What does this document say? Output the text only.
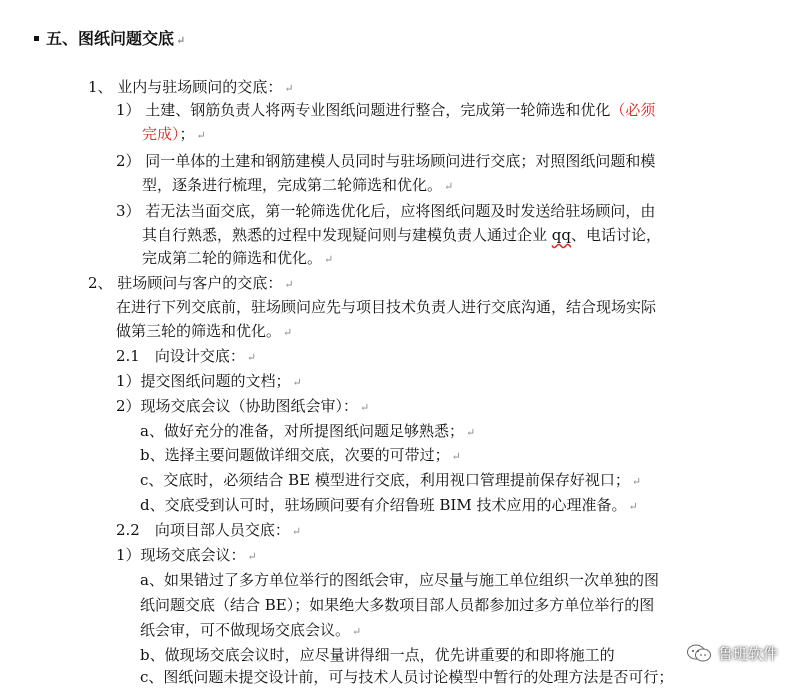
五、图纸问题交底 ↵
1、 业内与驻场顾问的交底： ↵
1） 土建、钢筋负责人将两专业图纸问题进行整合，完成第一轮筛选和优化（必须
完成）； ↵
2） 同一单体的土建和钢筋建模人员同时与驻场顾问进行交底；对照图纸问题和模
型，逐条进行梳理，完成第二轮筛选和优化。 ↵
3） 若无法当面交底，第一轮筛选优化后，应将图纸问题及时发送给驻场顾问，由
其自行熟悉，熟悉的过程中发现疑问则与建模负责人通过企业 qq、电话讨论，
完成第二轮的筛选和优化。 ↵
2、 驻场顾问与客户的交底： ↵
在进行下列交底前，驻场顾问应先与项目技术负责人进行交底沟通，结合现场实际
做第三轮的筛选和优化。 ↵
2.1　向设计交底： ↵
1）提交图纸问题的文档； ↵
2）现场交底会议（协助图纸会审）： ↵
a、做好充分的准备，对所提图纸问题足够熟悉； ↵
b、选择主要问题做详细交底，次要的可带过； ↵
c、交底时，必须结合 BE 模型进行交底，利用视口管理提前保存好视口； ↵
d、交底受到认可时，驻场顾问要有介绍鲁班 BIM 技术应用的心理准备。 ↵
2.2　向项目部人员交底： ↵
1）现场交底会议： ↵
a、如果错过了多方单位举行的图纸会审，应尽量与施工单位组织一次单独的图
纸问题交底（结合 BE）；如果绝大多数项目部人员都参加过多方单位举行的图
纸会审，可不做现场交底会议。 ↵
b、做现场交底会议时，应尽量讲得细一点，优先讲重要的和即将施工的
c、图纸问题未提交设计前，可与技术人员讨论模型中暂行的处理方法是否可行；
鲁班软件
